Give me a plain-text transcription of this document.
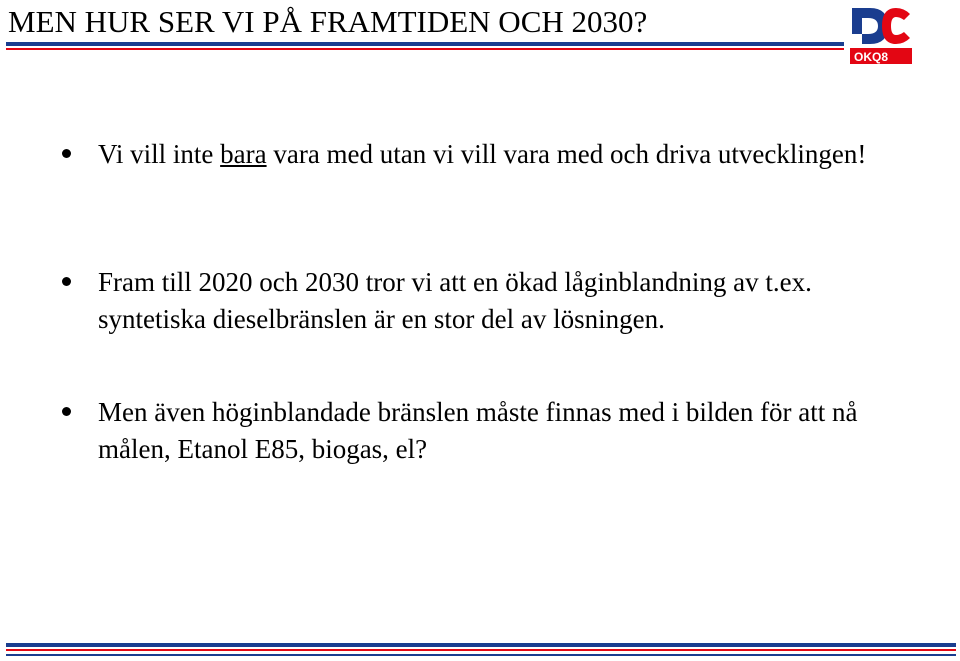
MEN HUR SER VI PÅ FRAMTIDEN OCH 2030?
OKQ8
Vi vill inte bara vara med utan vi vill vara med och driva utvecklingen!
Fram till 2020 och 2030 tror vi att en ökad låginblandning av t.ex. syntetiska dieselbränslen är en stor del av lösningen.
Men även höginblandade bränslen måste finnas med i bilden för att nå målen, Etanol E85, biogas, el?
